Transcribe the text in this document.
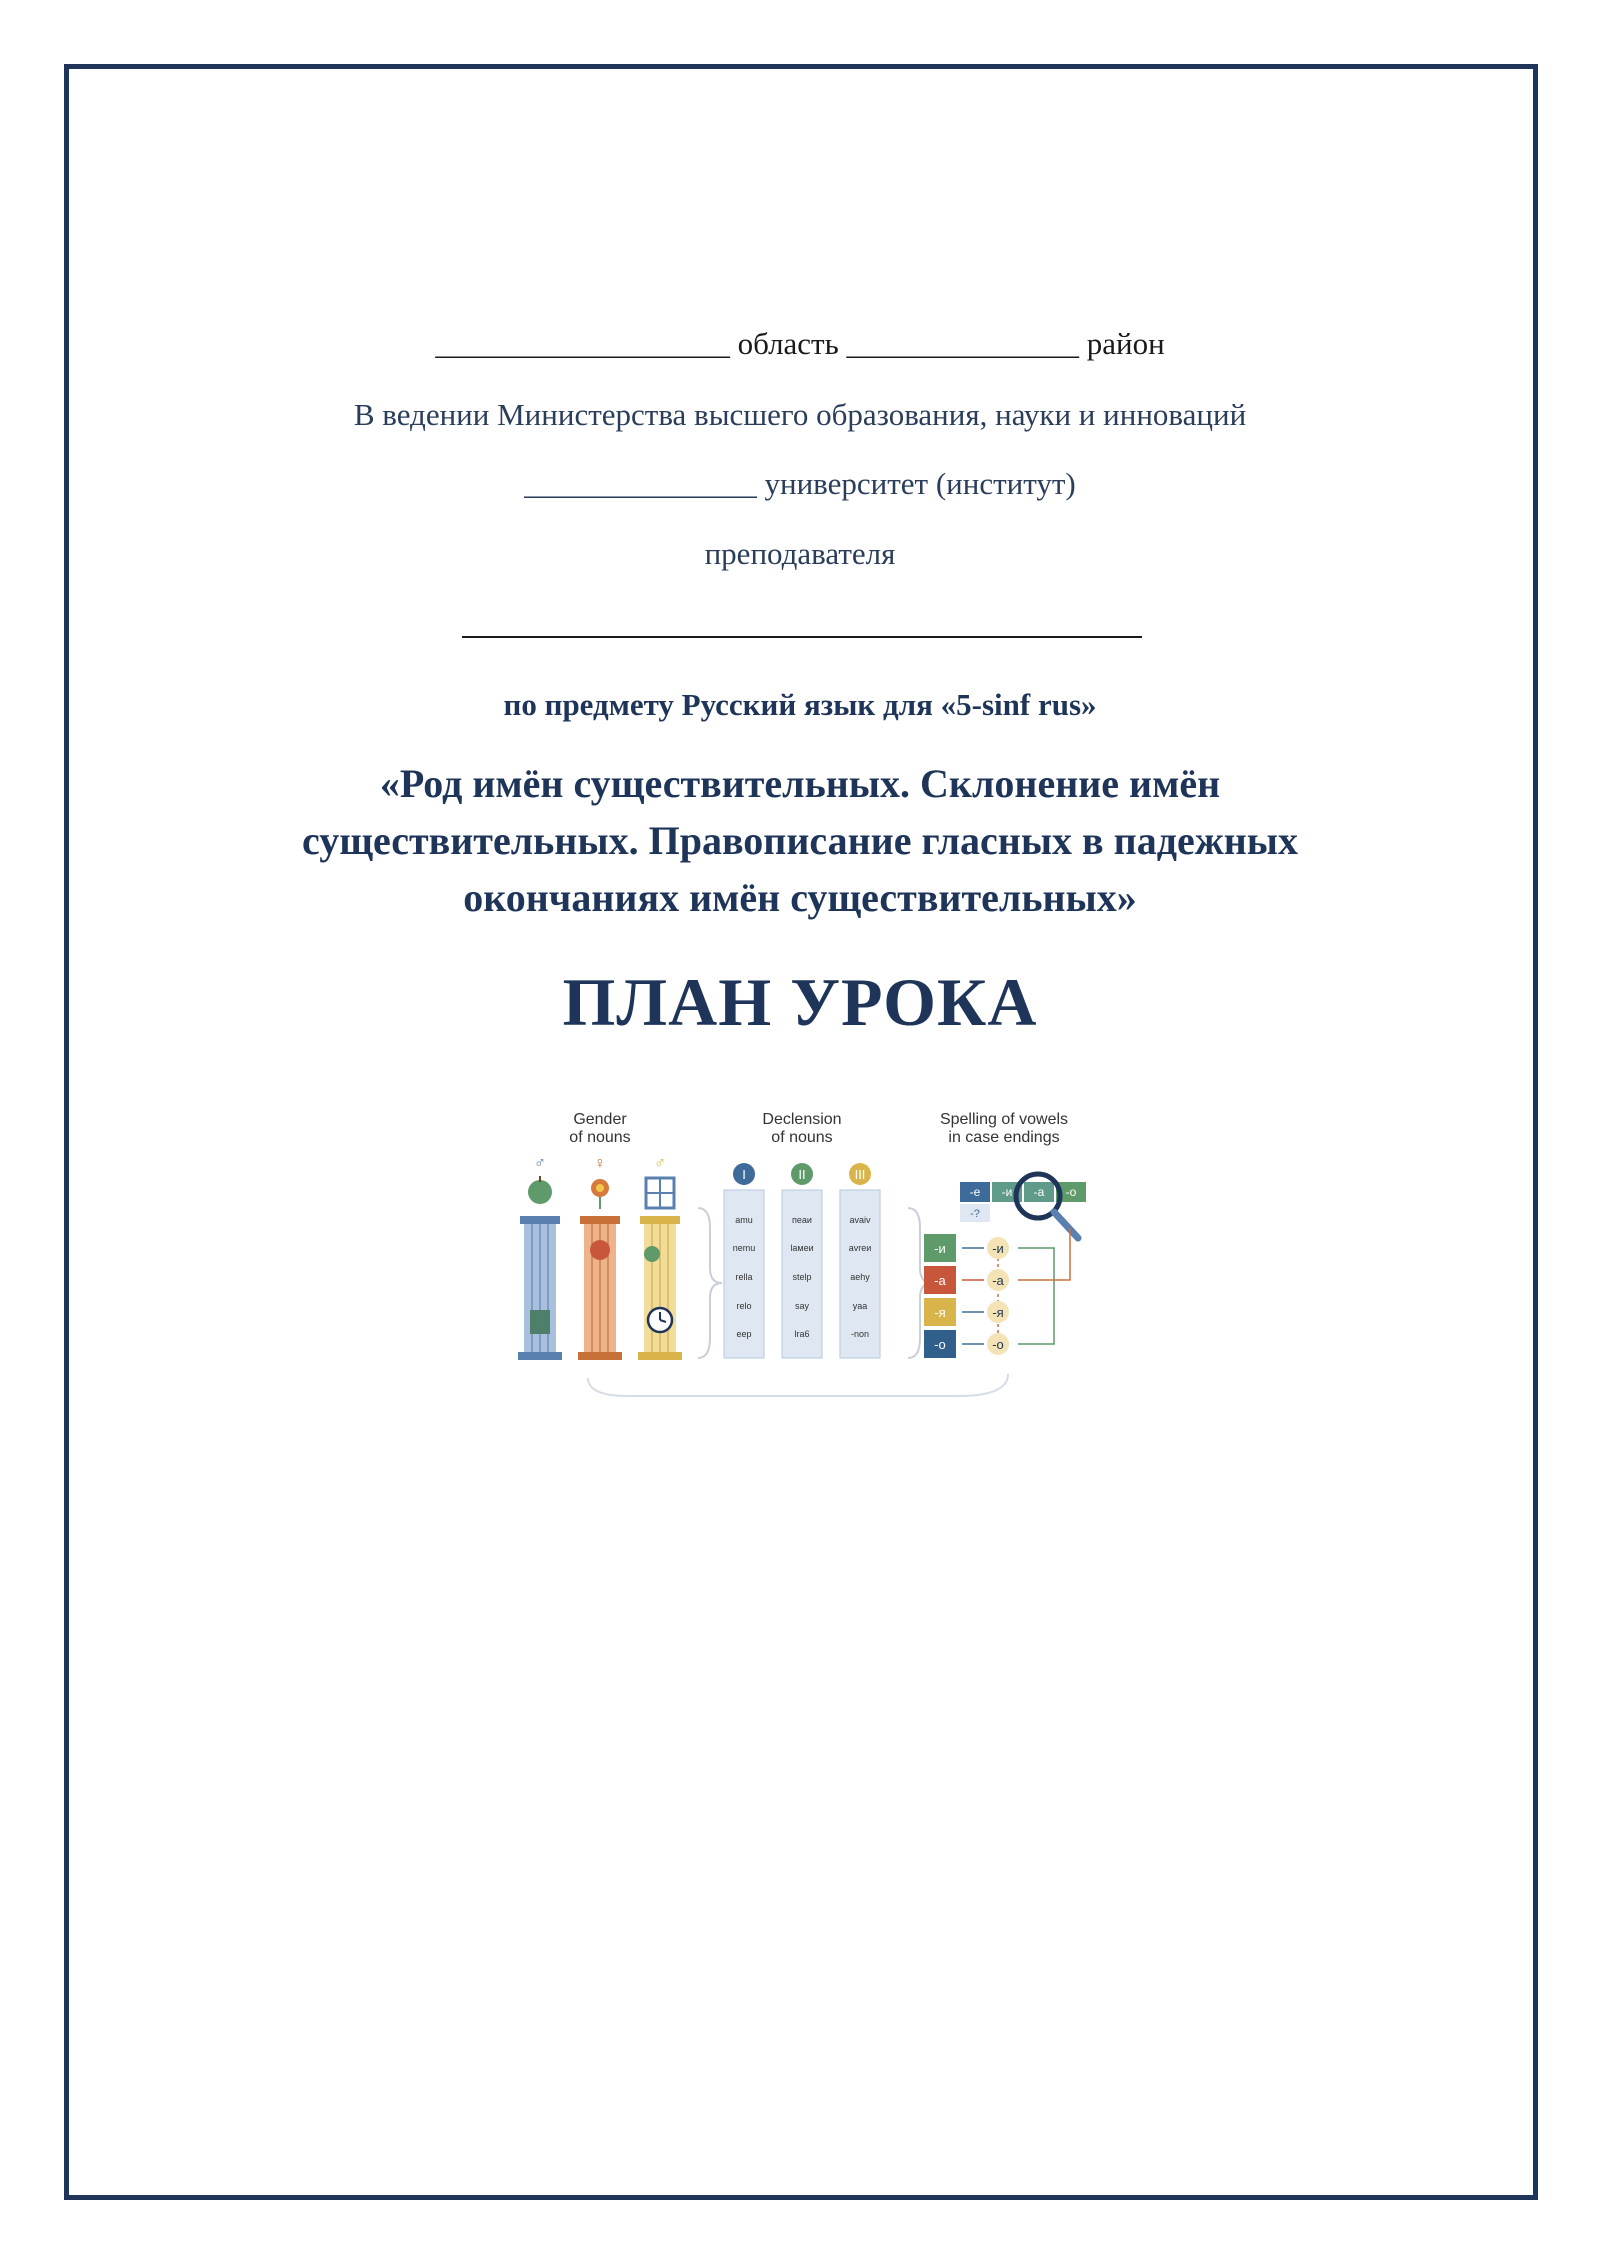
___________________ область _______________ район
В ведении Министерства высшего образования, науки и инноваций
_______________ университет (институт)
преподавателя
по предмету Русский язык для «5-sinf rus»
«Род имён существительных. Склонение имён
существительных. Правописание гласных в падежных
окончаниях имён существительных»
ПЛАН УРОКА
Gender
of nouns
Declension
of nouns
Spelling of vowels
in case endings
♂	♀	♂
I	II	III
amu
nemu
rella
relo
eep
пеаи
lамеи
stelp
say
lra6
avaiv
avreи
aehy
yaa
-non
-e -и -a -o
-?
-и
-a
-я
-o
-и
-a
-я
-o
